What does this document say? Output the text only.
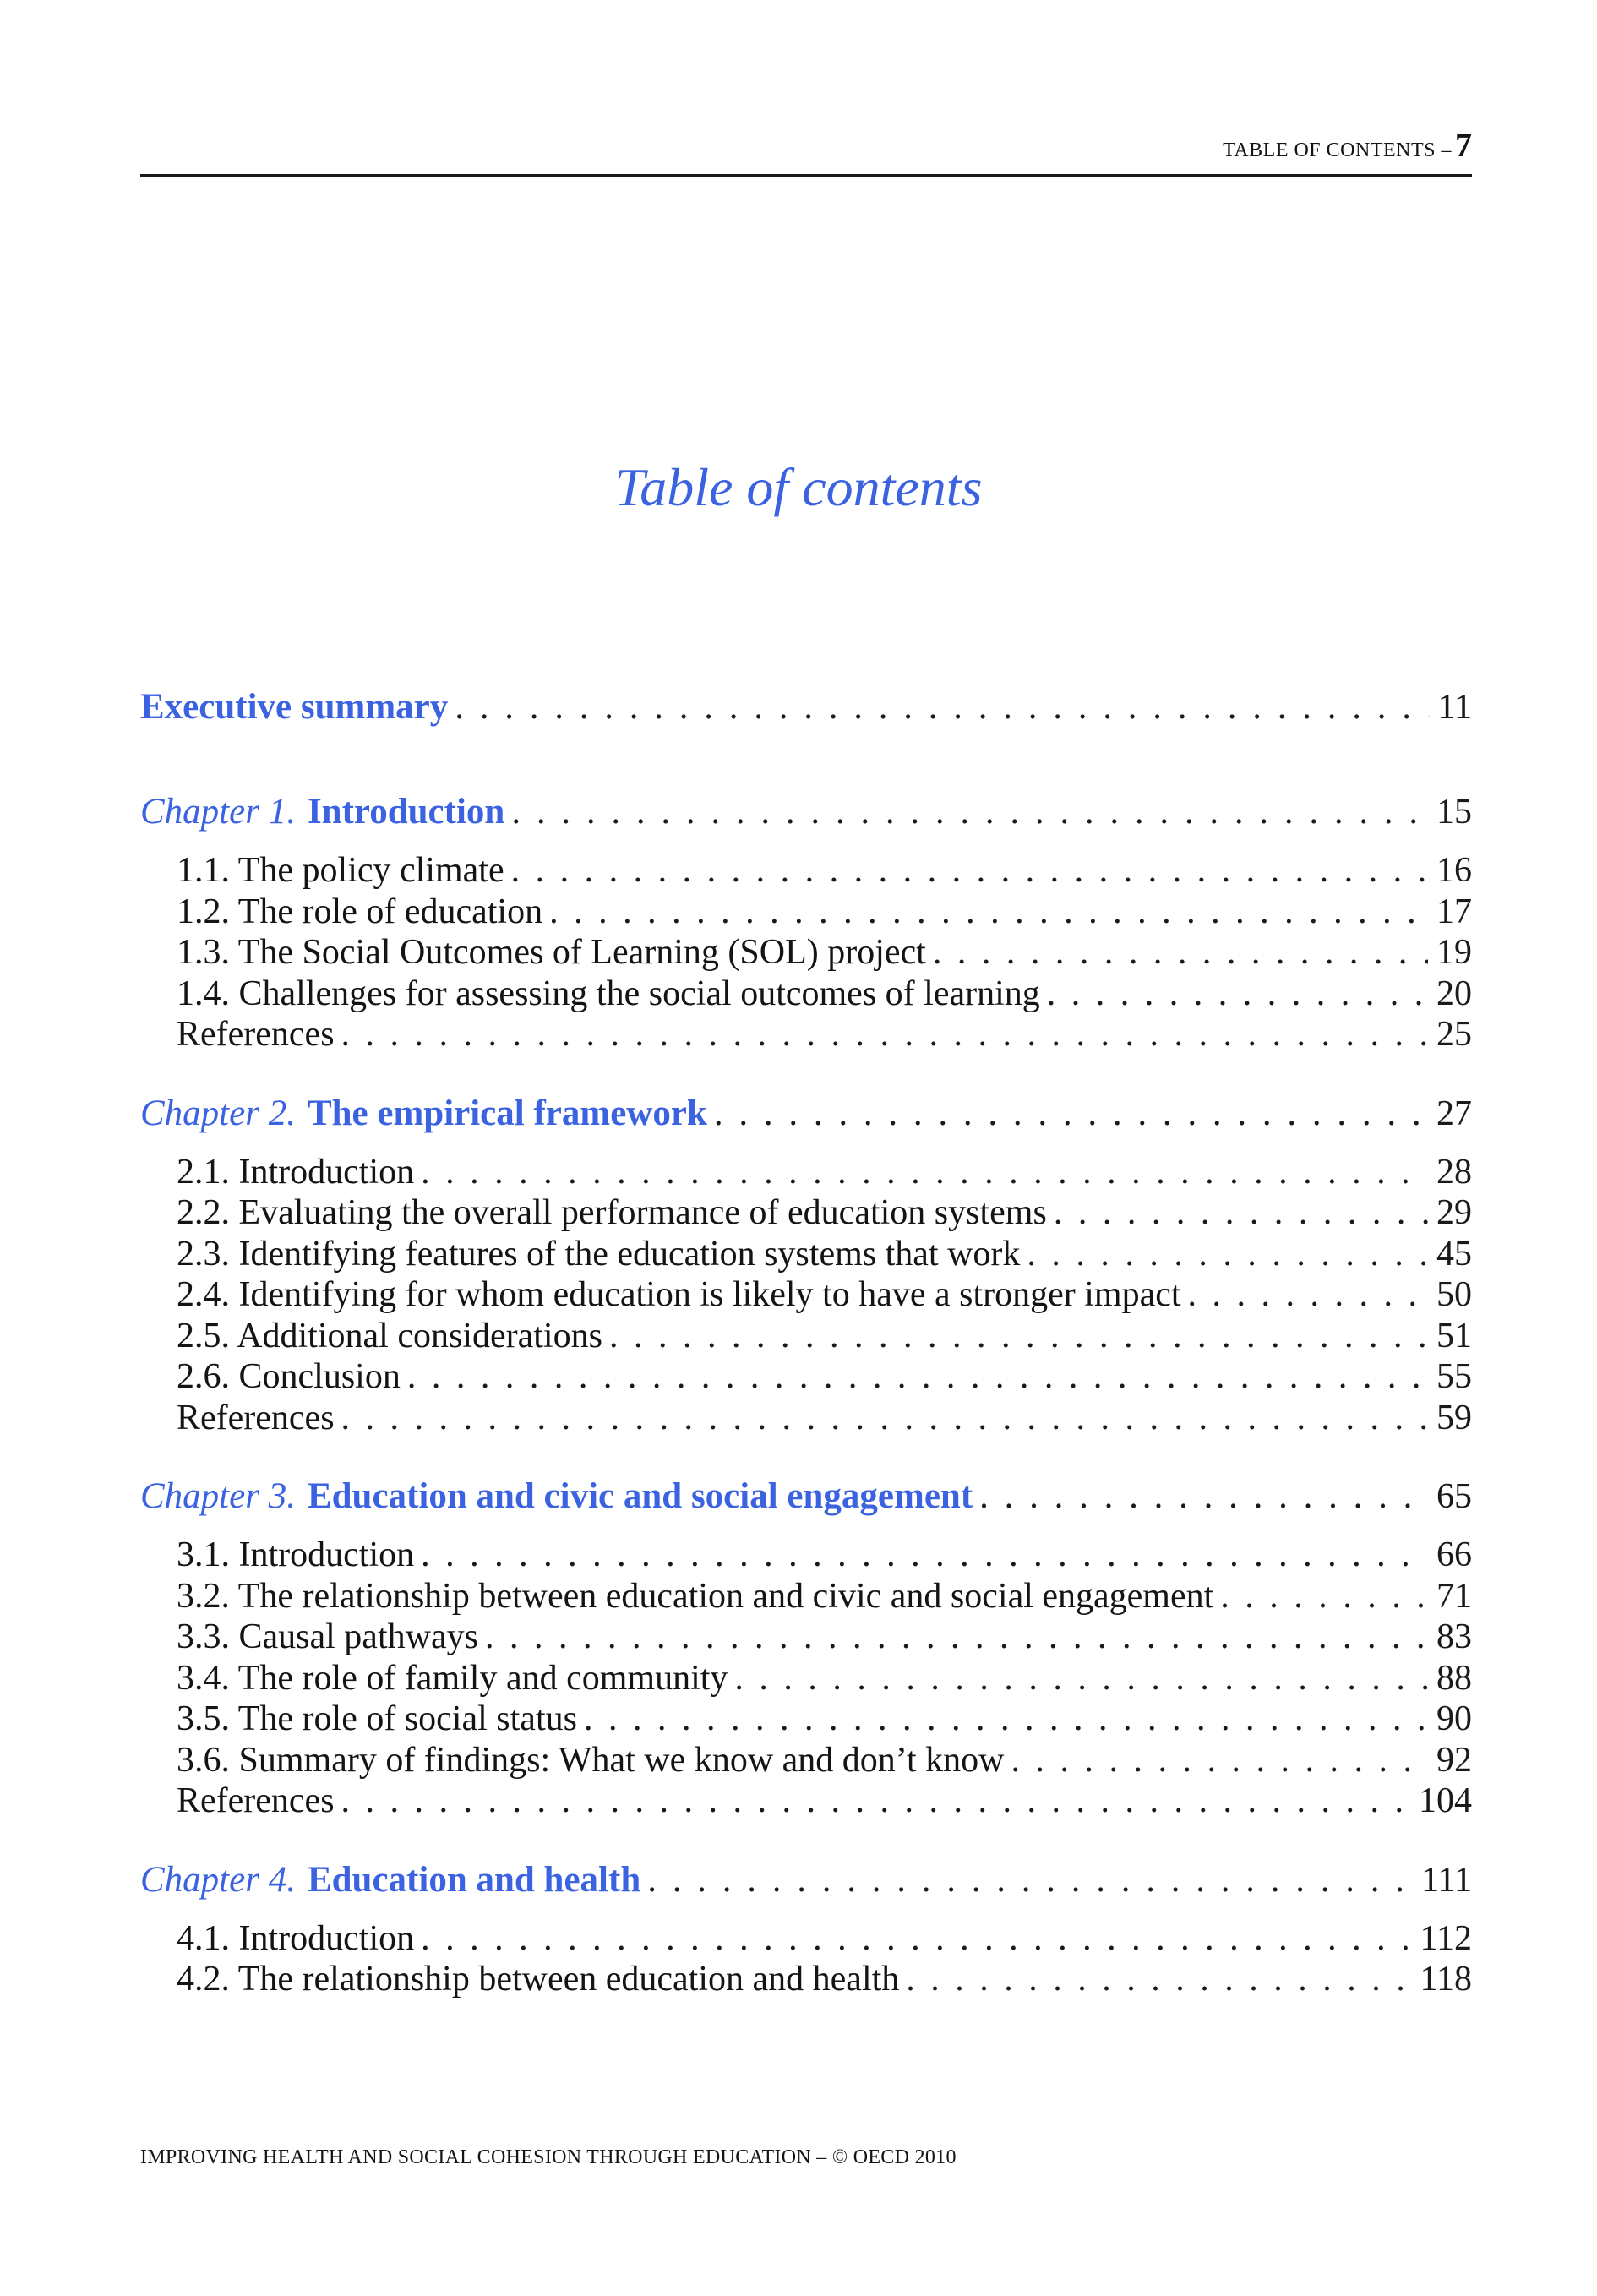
TABLE OF CONTENTS – 7
Table of contents
Executive summary . . .	11
Chapter 1. Introduction . . .	15
1.1. The policy climate . . .	16
1.2. The role of education . . .	17
1.3. The Social Outcomes of Learning (SOL) project . . .	19
1.4. Challenges for assessing the social outcomes of learning . . .	20
References . . .	25
Chapter 2. The empirical framework . . .	27
2.1. Introduction . . .	28
2.2. Evaluating the overall performance of education systems . . .	29
2.3. Identifying features of the education systems that work . . .	45
2.4. Identifying for whom education is likely to have a stronger impact . . .	50
2.5. Additional considerations . . .	51
2.6. Conclusion . . .	55
References . . .	59
Chapter 3. Education and civic and social engagement . . .	65
3.1. Introduction . . .	66
3.2. The relationship between education and civic and social engagement . . .	71
3.3. Causal pathways . . .	83
3.4. The role of family and community . . .	88
3.5. The role of social status . . .	90
3.6. Summary of findings: What we know and don’t know . . .	92
References . . .	104
Chapter 4. Education and health . . .	111
4.1. Introduction . . .	112
4.2. The relationship between education and health . . .	118
IMPROVING HEALTH AND SOCIAL COHESION THROUGH EDUCATION – © OECD 2010
